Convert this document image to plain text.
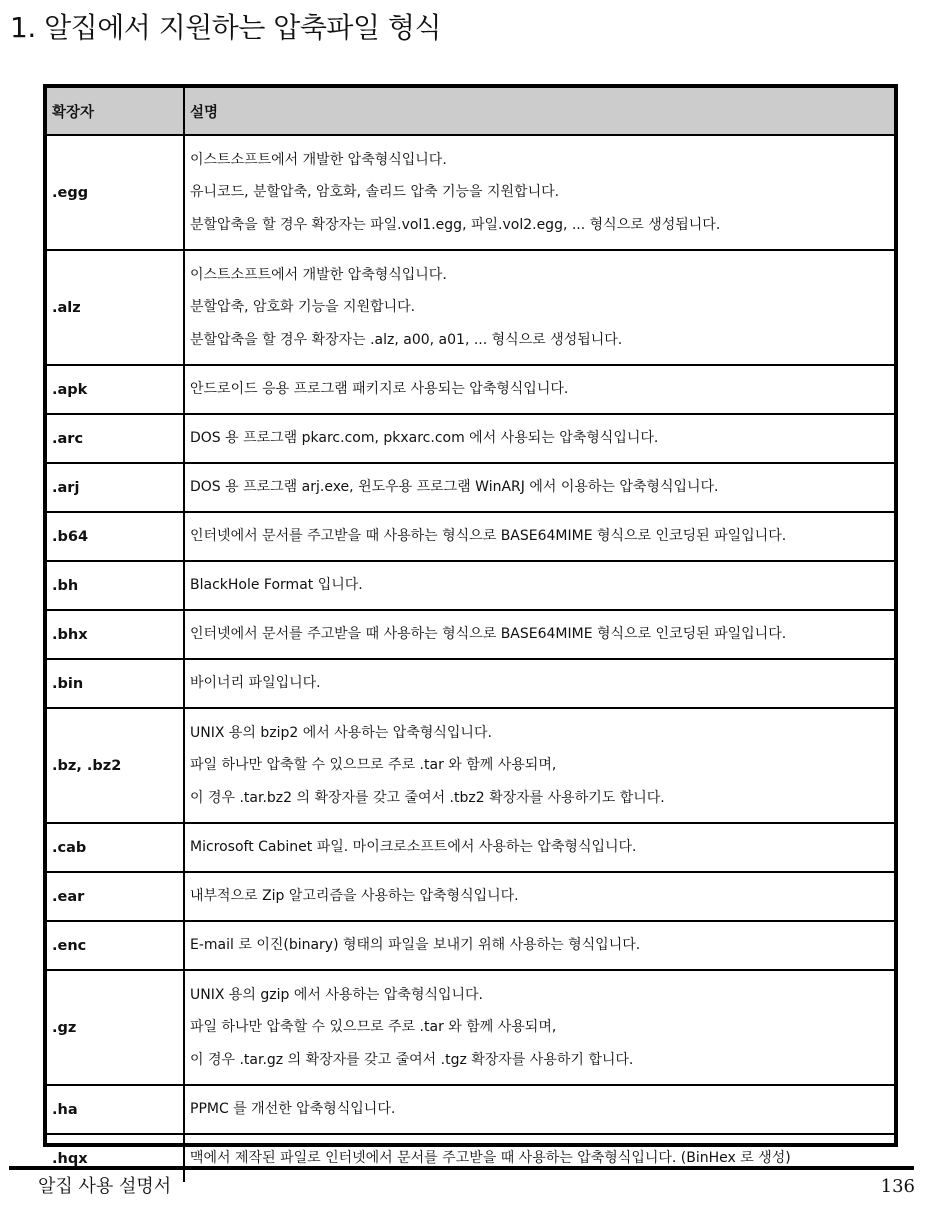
1. 알집에서 지원하는 압축파일 형식
확장자	설명
.egg	이스트소프트에서 개발한 압축형식입니다.
유니코드, 분할압축, 암호화, 솔리드 압축 기능을 지원합니다.
분할압축을 할 경우 확장자는 파일.vol1.egg, 파일.vol2.egg, ... 형식으로 생성됩니다.

.alz	이스트소프트에서 개발한 압축형식입니다.
분할압축, 암호화 기능을 지원합니다.
분할압축을 할 경우 확장자는 .alz, a00, a01, ... 형식으로 생성됩니다.

.apk	안드로이드 응용 프로그램 패키지로 사용되는 압축형식입니다.

.arc	DOS 용 프로그램 pkarc.com, pkxarc.com 에서 사용되는 압축형식입니다.

.arj	DOS 용 프로그램 arj.exe, 윈도우용 프로그램 WinARJ 에서 이용하는 압축형식입니다.

.b64	인터넷에서 문서를 주고받을 때 사용하는 형식으로 BASE64MIME 형식으로 인코딩된 파일입니다.

.bh	BlackHole Format 입니다.

.bhx	인터넷에서 문서를 주고받을 때 사용하는 형식으로 BASE64MIME 형식으로 인코딩된 파일입니다.

.bin	바이너리 파일입니다.

.bz, .bz2	UNIX 용의 bzip2 에서 사용하는 압축형식입니다.
파일 하나만 압축할 수 있으므로 주로 .tar 와 함께 사용되며,
이 경우 .tar.bz2 의 확장자를 갖고 줄여서 .tbz2 확장자를 사용하기도 합니다.

.cab	Microsoft Cabinet 파일. 마이크로소프트에서 사용하는 압축형식입니다.

.ear	내부적으로 Zip 알고리즘을 사용하는 압축형식입니다.

.enc	E-mail 로 이진(binary) 형태의 파일을 보내기 위해 사용하는 형식입니다.

.gz	UNIX 용의 gzip 에서 사용하는 압축형식입니다.
파일 하나만 압축할 수 있으므로 주로 .tar 와 함께 사용되며,
이 경우 .tar.gz 의 확장자를 갖고 줄여서 .tgz 확장자를 사용하기 합니다.

.ha	PPMC 를 개선한 압축형식입니다.

.hqx	맥에서 제작된 파일로 인터넷에서 문서를 주고받을 때 사용하는 압축형식입니다. (BinHex 로 생성)
알집 사용 설명서	136
